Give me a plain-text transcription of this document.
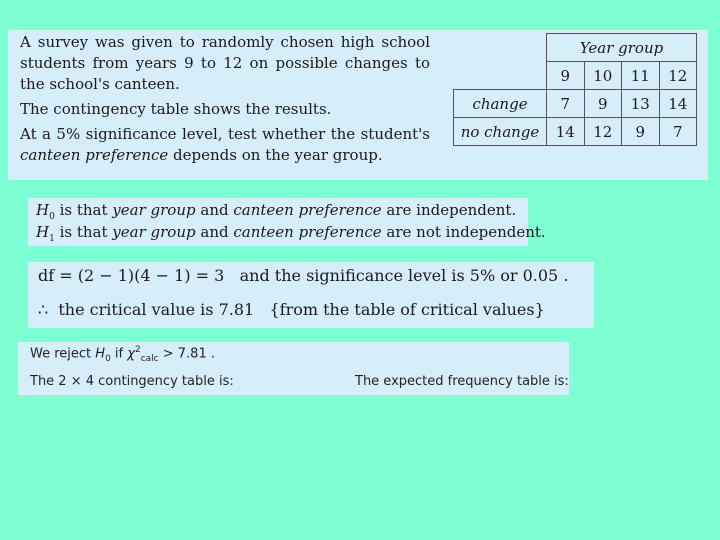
A survey was given to randomly chosen high school students from years 9 to 12 on possible changes to the school's canteen.

The contingency table shows the results.

At a 5% significance level, test whether the student's canteen preference depends on the year group.

	Year group			
	9	10	11	12
change	7	9	13	14
no change	14	12	9	7
$H_0$ is that year group and canteen preference are independent.
$H_1$ is that year group and canteen preference are not independent.
df = (2 − 1)(4 − 1) = 3 and the significance level is 5% or 0.05 .
∴ the critical value is 7.81 {from the table of critical values}
We reject $H_0$ if $\chi^2_{calc} > 7.81$ .
The 2 × 4 contingency table is:	The expected frequency table is:
